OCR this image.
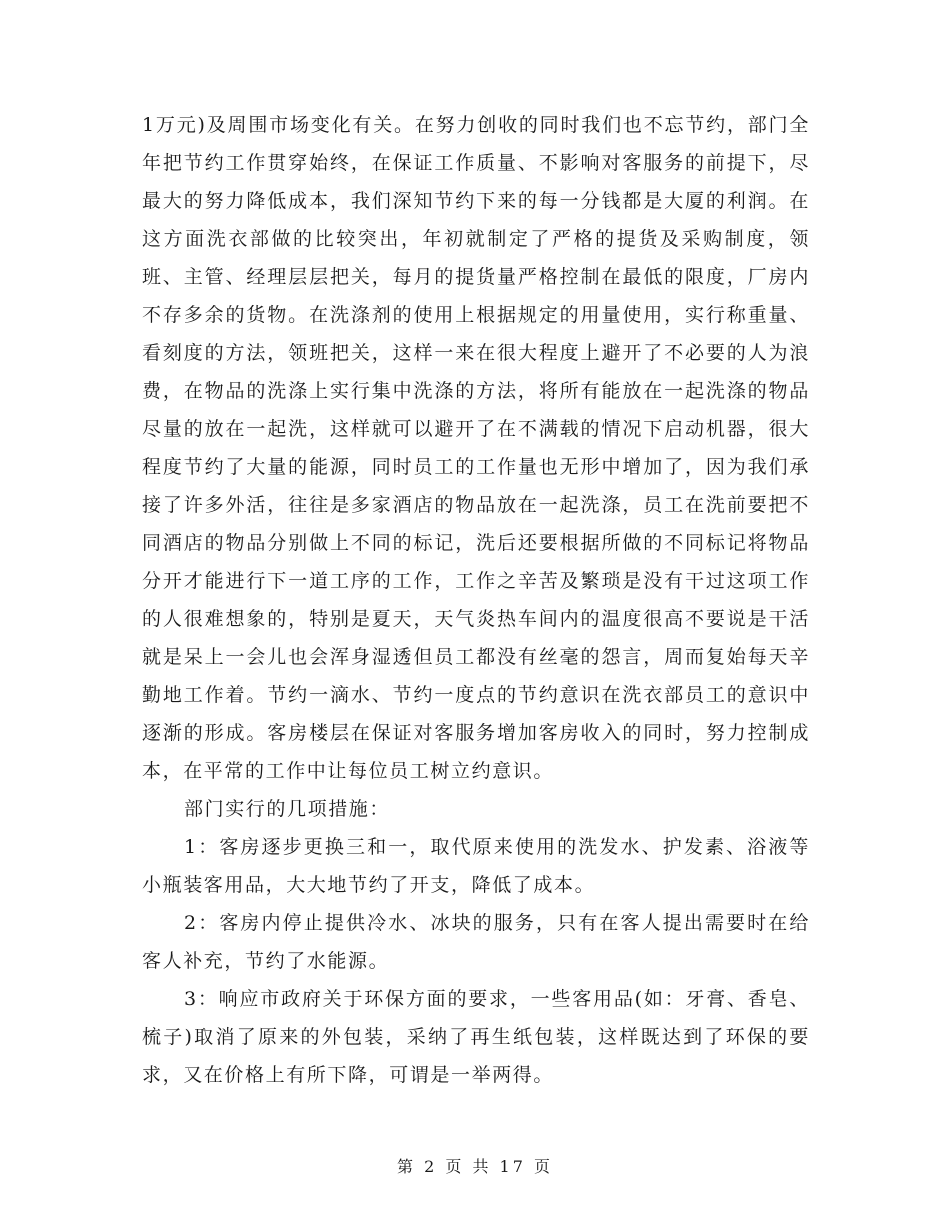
1万元)及周围市场变化有关。在努力创收的同时我们也不忘节约，部门全年把节约工作贯穿始终，在保证工作质量、不影响对客服务的前提下，尽最大的努力降低成本，我们深知节约下来的每一分钱都是大厦的利润。在这方面洗衣部做的比较突出，年初就制定了严格的提货及采购制度，领班、主管、经理层层把关，每月的提货量严格控制在最低的限度，厂房内不存多余的货物。在洗涤剂的使用上根据规定的用量使用，实行称重量、看刻度的方法，领班把关，这样一来在很大程度上避开了不必要的人为浪费，在物品的洗涤上实行集中洗涤的方法，将所有能放在一起洗涤的物品尽量的放在一起洗，这样就可以避开了在不满载的情况下启动机器，很大程度节约了大量的能源，同时员工的工作量也无形中增加了，因为我们承接了许多外活，往往是多家酒店的物品放在一起洗涤，员工在洗前要把不同酒店的物品分别做上不同的标记，洗后还要根据所做的不同标记将物品分开才能进行下一道工序的工作，工作之辛苦及繁琐是没有干过这项工作的人很难想象的，特别是夏天，天气炎热车间内的温度很高不要说是干活就是呆上一会儿也会浑身湿透但员工都没有丝毫的怨言，周而复始每天辛勤地工作着。节约一滴水、节约一度点的节约意识在洗衣部员工的意识中逐渐的形成。客房楼层在保证对客服务增加客房收入的同时，努力控制成本，在平常的工作中让每位员工树立约意识。

部门实行的几项措施：

1：客房逐步更换三和一，取代原来使用的洗发水、护发素、浴液等小瓶装客用品，大大地节约了开支，降低了成本。

2：客房内停止提供冷水、冰块的服务，只有在客人提出需要时在给客人补充，节约了水能源。

3：响应市政府关于环保方面的要求，一些客用品(如：牙膏、香皂、梳子)取消了原来的外包装，采纳了再生纸包装，这样既达到了环保的要求，又在价格上有所下降，可谓是一举两得。

第 2 页 共 17 页
